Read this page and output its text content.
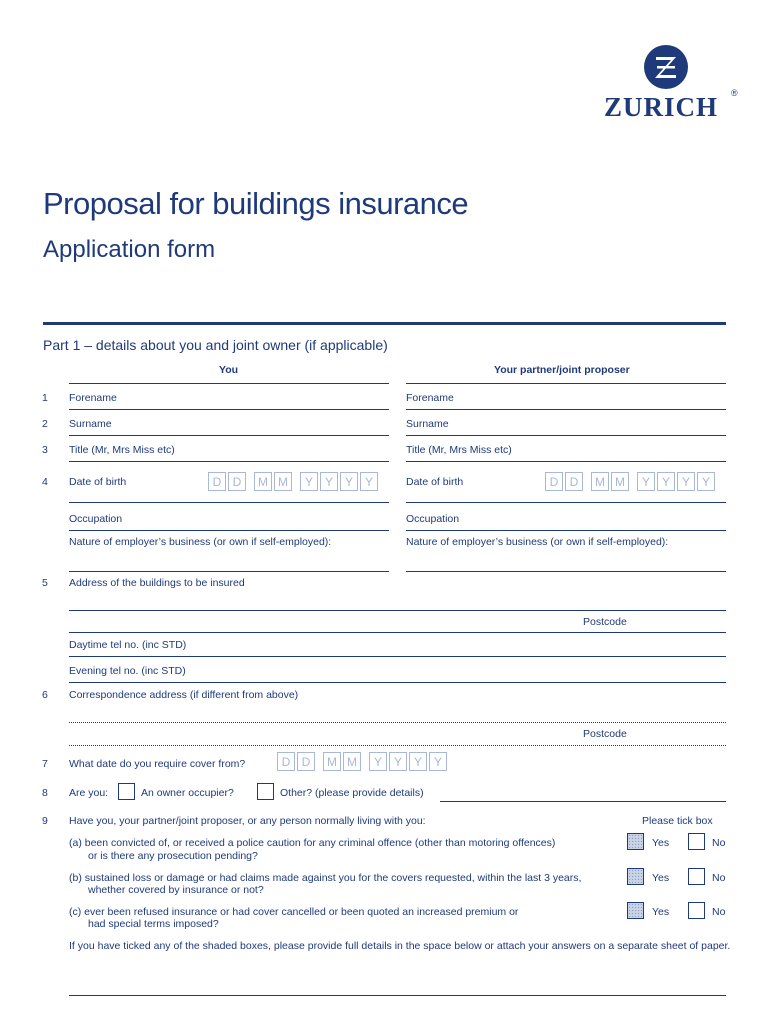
ZURICH ®
Proposal for buildings insurance
Application form
Part 1 – details about you and joint owner (if applicable)
You	Your partner/joint proposer
1 Forename	Forename
2 Surname	Surname
3 Title (Mr, Mrs Miss etc)	Title (Mr, Mrs Miss etc)
4 Date of birth	Date of birth
D D	M M	Y Y Y Y	D D	M M	Y Y Y Y
Occupation	Occupation
Nature of employer’s business (or own if self-employed):	Nature of employer’s business (or own if self-employed):
5 Address of the buildings to be insured
Postcode
Daytime tel no. (inc STD)
Evening tel no. (inc STD)
6 Correspondence address (if different from above)
Postcode
7 What date do you require cover from?	D D	M M	Y Y Y Y
8 Are you:	An owner occupier?	Other? (please provide details)
9 Have you, your partner/joint proposer, or any person normally living with you:	Please tick box
(a) been convicted of, or received a police caution for any criminal offence (other than motoring offences)
or is there any prosecution pending?
Yes	No
(b) sustained loss or damage or had claims made against you for the covers requested, within the last 3 years,
whether covered by insurance or not?
Yes	No
(c) ever been refused insurance or had cover cancelled or been quoted an increased premium or
had special terms imposed?
Yes	No
If you have ticked any of the shaded boxes, please provide full details in the space below or attach your answers on a separate sheet of paper.
